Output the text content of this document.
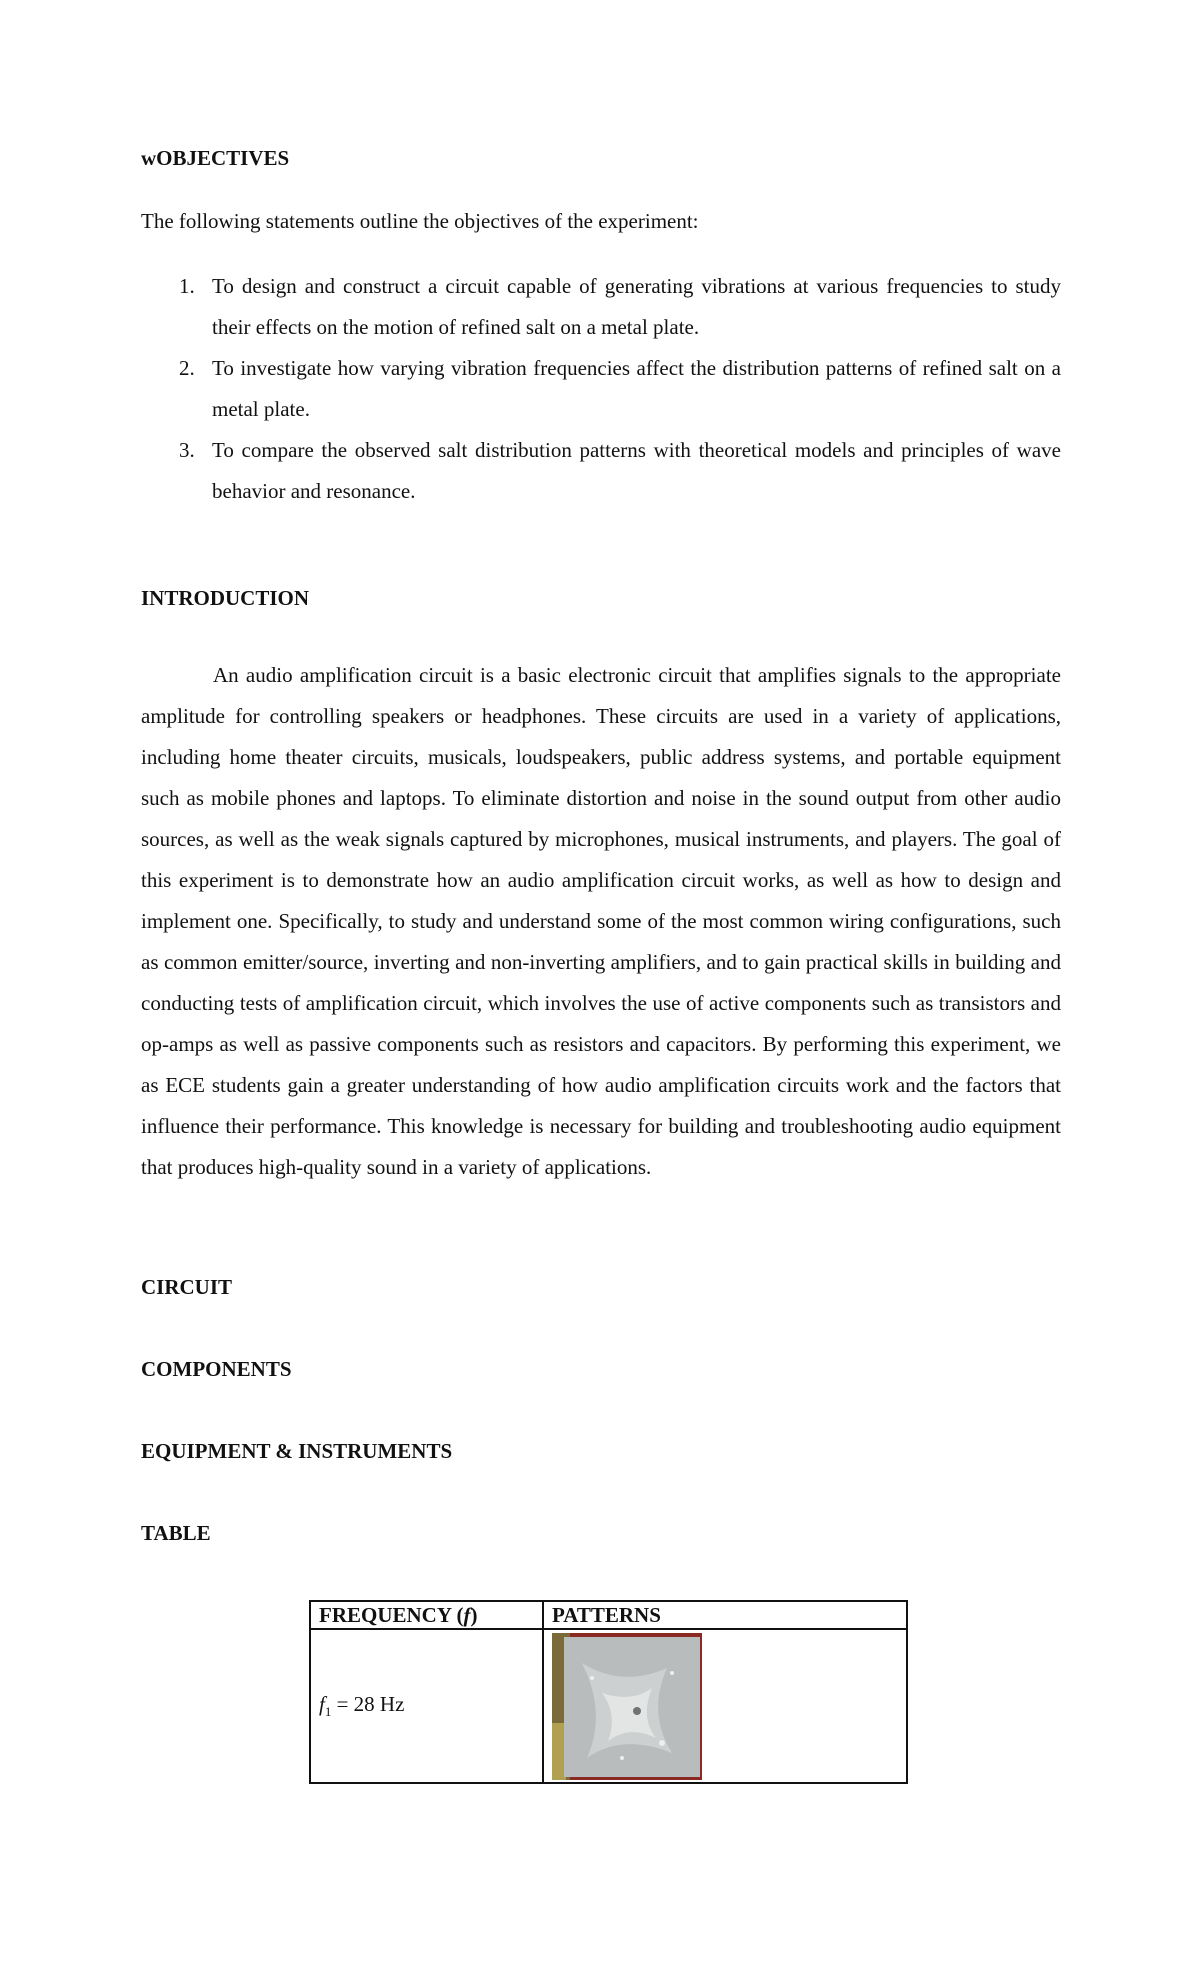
wOBJECTIVES

The following statements outline the objectives of the experiment:

1. To design and construct a circuit capable of generating vibrations at various frequencies to study their effects on the motion of refined salt on a metal plate.
2. To investigate how varying vibration frequencies affect the distribution patterns of refined salt on a metal plate.
3. To compare the observed salt distribution patterns with theoretical models and principles of wave behavior and resonance.
INTRODUCTION

An audio amplification circuit is a basic electronic circuit that amplifies signals to the appropriate amplitude for controlling speakers or headphones. These circuits are used in a variety of applications, including home theater circuits, musicals, loudspeakers, public address systems, and portable equipment such as mobile phones and laptops. To eliminate distortion and noise in the sound output from other audio sources, as well as the weak signals captured by microphones, musical instruments, and players. The goal of this experiment is to demonstrate how an audio amplification circuit works, as well as how to design and implement one. Specifically, to study and understand some of the most common wiring configurations, such as common emitter/source, inverting and non-inverting amplifiers, and to gain practical skills in building and conducting tests of amplification circuit, which involves the use of active components such as transistors and op-amps as well as passive components such as resistors and capacitors. By performing this experiment, we as ECE students gain a greater understanding of how audio amplification circuits work and the factors that influence their performance. This knowledge is necessary for building and troubleshooting audio equipment that produces high-quality sound in a variety of applications.

CIRCUIT
COMPONENTS
EQUIPMENT & INSTRUMENTS
TABLE
FREQUENCY (f)	PATTERNS
$f_1 = 28$ Hz	
